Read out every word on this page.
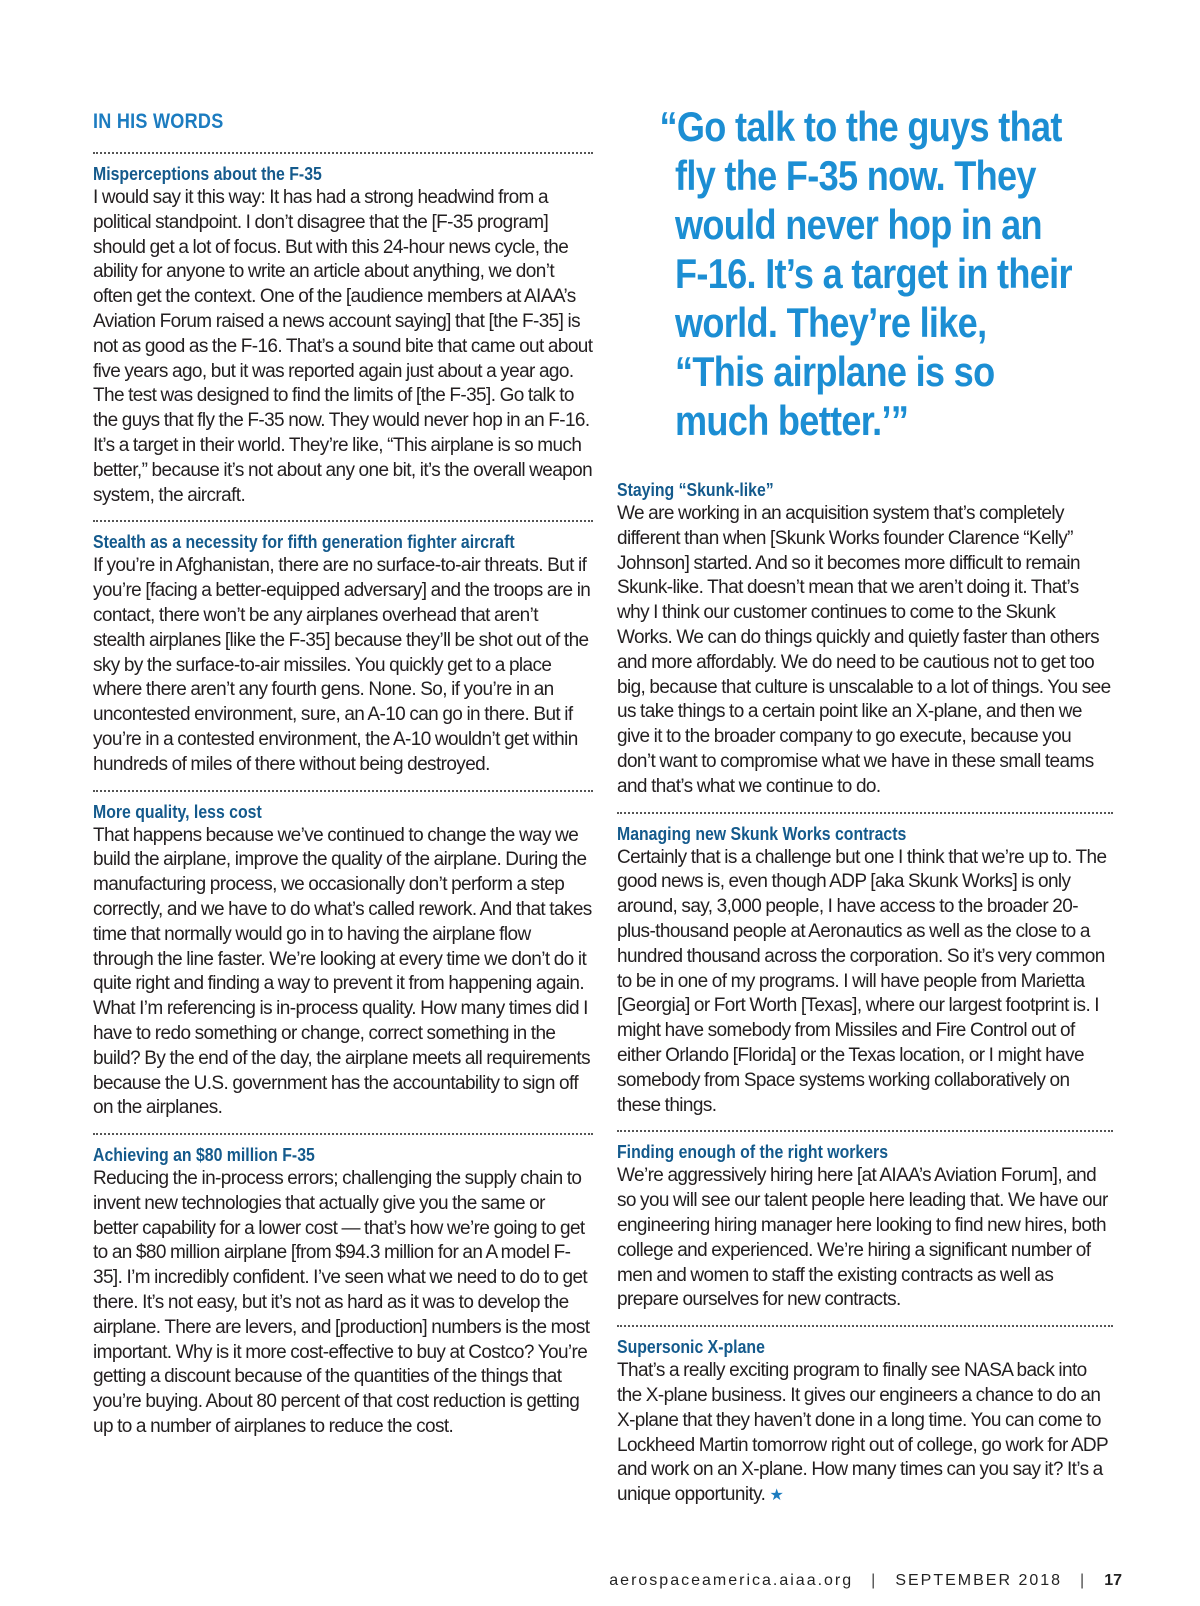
IN HIS WORDS
Misperceptions about the F-35
I would say it this way: It has had a strong headwind from a political standpoint. I don’t disagree that the [F-35 program] should get a lot of focus. But with this 24-hour news cycle, the ability for anyone to write an article about anything, we don’t often get the context. One of the [audience members at AIAA’s Aviation Forum raised a news account saying] that [the F-35] is not as good as the F-16. That’s a sound bite that came out about five years ago, but it was reported again just about a year ago. The test was designed to find the limits of [the F-35]. Go talk to the guys that fly the F-35 now. They would never hop in an F-16. It’s a target in their world. They’re like, “This airplane is so much better,” because it’s not about any one bit, it’s the overall weapon system, the aircraft.
Stealth as a necessity for fifth generation fighter aircraft
If you’re in Afghanistan, there are no surface-to-air threats. But if you’re [facing a better-equipped adversary] and the troops are in contact, there won’t be any airplanes overhead that aren’t stealth airplanes [like the F-35] because they’ll be shot out of the sky by the surface-to-air missiles. You quickly get to a place where there aren’t any fourth gens. None. So, if you’re in an uncontested environment, sure, an A-10 can go in there. But if you’re in a contested environment, the A-10 wouldn’t get within hundreds of miles of there without being destroyed.
More quality, less cost
That happens because we’ve continued to change the way we build the airplane, improve the quality of the airplane. During the manufacturing process, we occasionally don’t perform a step correctly, and we have to do what’s called rework. And that takes time that normally would go in to having the airplane flow through the line faster. We’re looking at every time we don’t do it quite right and finding a way to prevent it from happening again. What I’m referencing is in-process quality. How many times did I have to redo something or change, correct something in the build? By the end of the day, the airplane meets all requirements because the U.S. government has the accountability to sign off on the airplanes.
Achieving an $80 million F-35
Reducing the in-process errors; challenging the supply chain to invent new technologies that actually give you the same or better capability for a lower cost — that’s how we’re going to get to an $80 million airplane [from $94.3 million for an A model F-35]. I’m incredibly confident. I’ve seen what we need to do to get there. It’s not easy, but it’s not as hard as it was to develop the airplane. There are levers, and [production] numbers is the most important. Why is it more cost-effective to buy at Costco? You’re getting a discount because of the quantities of the things that you’re buying. About 80 percent of that cost reduction is getting up to a number of airplanes to reduce the cost.
“Go talk to the guys that fly the F-35 now. They would never hop in an F-16. It’s a target in their world. They’re like, “This airplane is so much better.’”
Staying “Skunk-like”
We are working in an acquisition system that’s completely different than when [Skunk Works founder Clarence “Kelly” Johnson] started. And so it becomes more difficult to remain Skunk-like. That doesn’t mean that we aren’t doing it. That’s why I think our customer continues to come to the Skunk Works. We can do things quickly and quietly faster than others and more affordably. We do need to be cautious not to get too big, because that culture is unscalable to a lot of things. You see us take things to a certain point like an X-plane, and then we give it to the broader company to go execute, because you don’t want to compromise what we have in these small teams and that’s what we continue to do.
Managing new Skunk Works contracts
Certainly that is a challenge but one I think that we’re up to. The good news is, even though ADP [aka Skunk Works] is only around, say, 3,000 people, I have access to the broader 20-plus-thousand people at Aeronautics as well as the close to a hundred thousand across the corporation. So it’s very common to be in one of my programs. I will have people from Marietta [Georgia] or Fort Worth [Texas], where our largest footprint is. I might have somebody from Missiles and Fire Control out of either Orlando [Florida] or the Texas location, or I might have somebody from Space systems working collaboratively on these things.
Finding enough of the right workers
We’re aggressively hiring here [at AIAA’s Aviation Forum], and so you will see our talent people here leading that. We have our engineering hiring manager here looking to find new hires, both college and experienced. We’re hiring a significant number of men and women to staff the existing contracts as well as prepare ourselves for new contracts.
Supersonic X-plane
That’s a really exciting program to finally see NASA back into the X-plane business. It gives our engineers a chance to do an X-plane that they haven’t done in a long time. You can come to Lockheed Martin tomorrow right out of college, go work for ADP and work on an X-plane. How many times can you say it? It’s a unique opportunity. ★
aerospaceamerica.aiaa.org | SEPTEMBER 2018 | 17
